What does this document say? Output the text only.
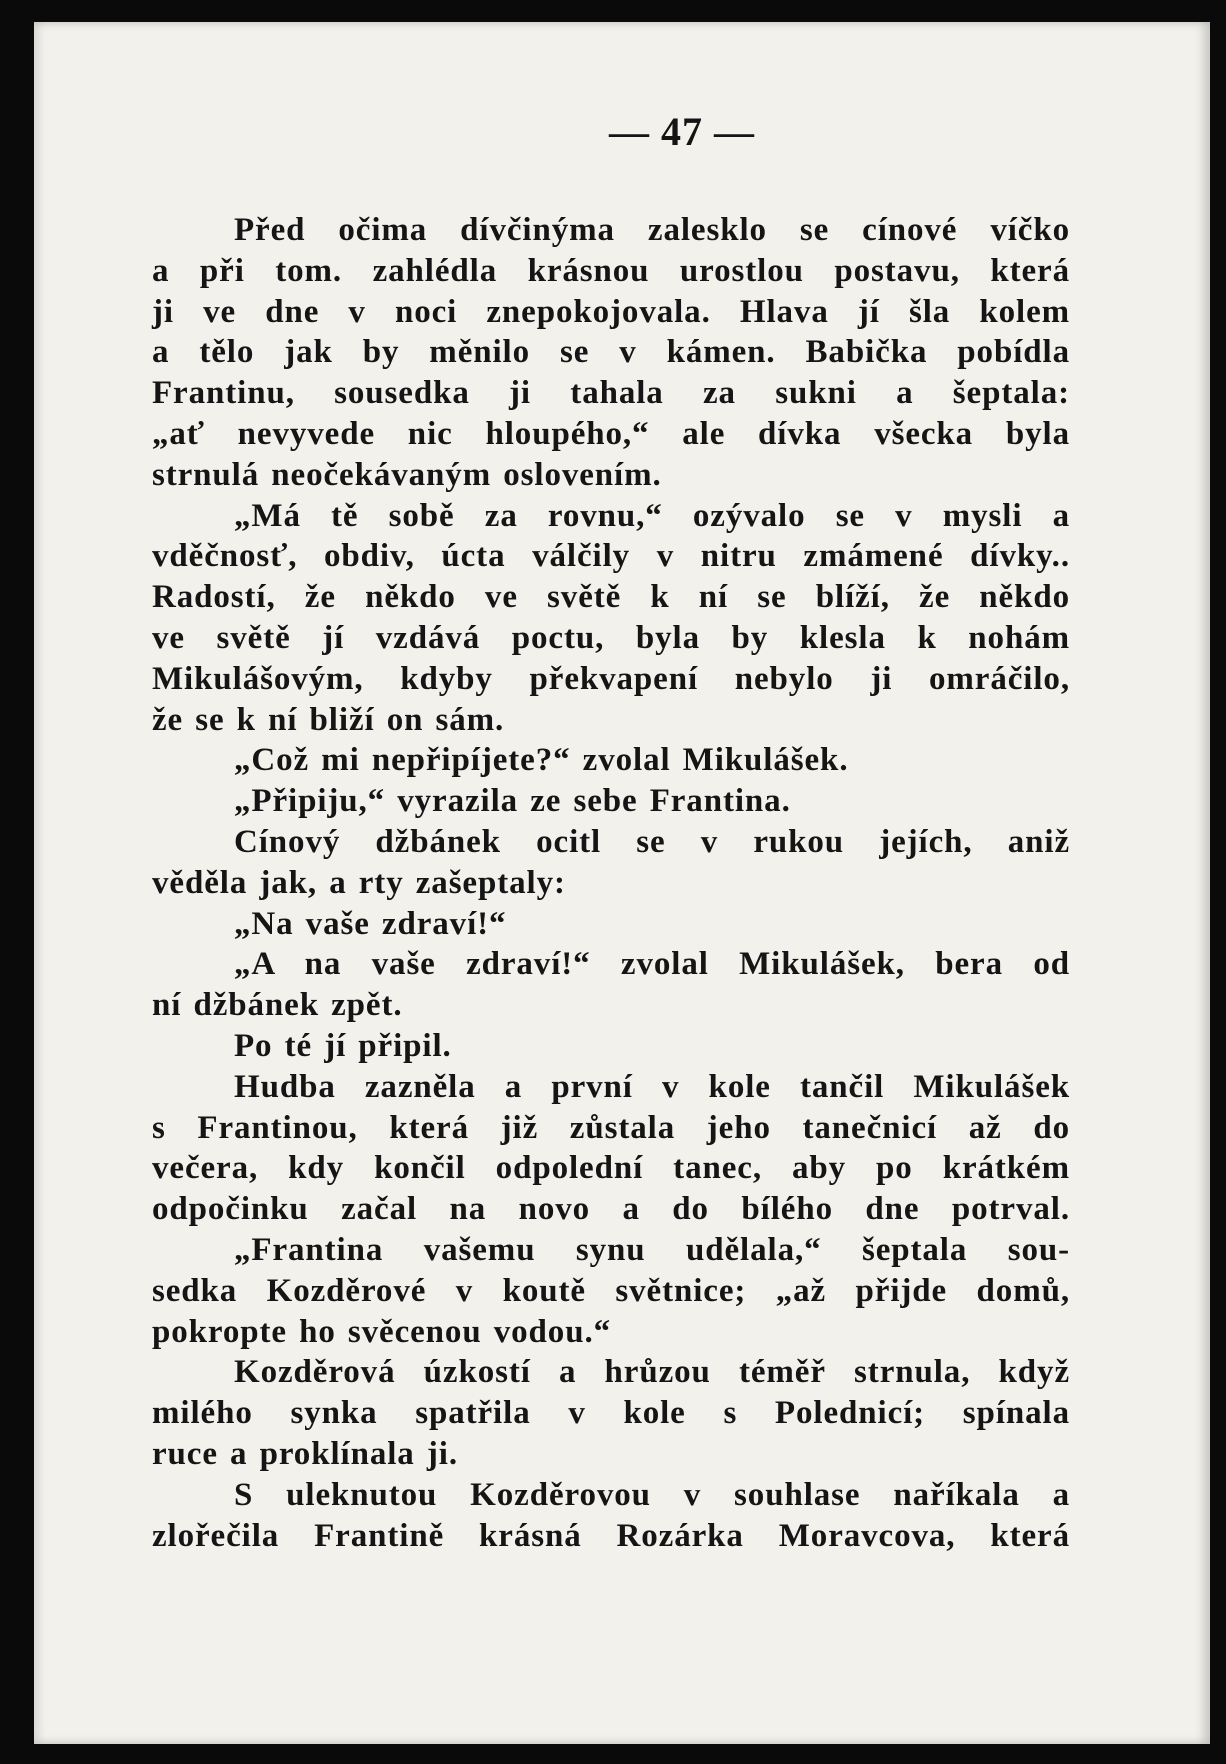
— 47 —
Před očima dívčinýma zalesklo se cínové víčko
a při tom. zahlédla krásnou urostlou postavu, která
ji ve dne v noci znepokojovala. Hlava jí šla kolem
a tělo jak by měnilo se v kámen. Babička pobídla
Frantinu, sousedka ji tahala za sukni a šeptala:
„ať nevyvede nic hloupého,“ ale dívka všecka byla
strnulá neočekávaným oslovením.
„Má tě sobě za rovnu,“ ozývalo se v mysli a
vděčnosť, obdiv, úcta válčily v nitru zmámené dívky..
Radostí, že někdo ve světě k ní se blíží, že někdo
ve světě jí vzdává poctu, byla by klesla k nohám
Mikulášovým, kdyby překvapení nebylo ji omráčilo,
že se k ní bliží on sám.
„Což mi nepřipíjete?“ zvolal Mikulášek.
„Připiju,“ vyrazila ze sebe Frantina.
Cínový džbánek ocitl se v rukou jejích, aniž
věděla jak, a rty zašeptaly:
„Na vaše zdraví!“
„A na vaše zdraví!“ zvolal Mikulášek, bera od
ní džbánek zpět.
Po té jí připil.
Hudba zazněla a první v kole tančil Mikulášek
s Frantinou, která již zůstala jeho tanečnicí až do
večera, kdy končil odpolední tanec, aby po krátkém
odpočinku začal na novo a do bílého dne potrval.
„Frantina vašemu synu udělala,“ šeptala sou-
sedka Kozděrové v koutě světnice; „až přijde domů,
pokropte ho svěcenou vodou.“
Kozděrová úzkostí a hrůzou téměř strnula, když
milého synka spatřila v kole s Polednicí; spínala
ruce a proklínala ji.
S uleknutou Kozděrovou v souhlase naříkala a
zlořečila Frantině krásná Rozárka Moravcova, která
